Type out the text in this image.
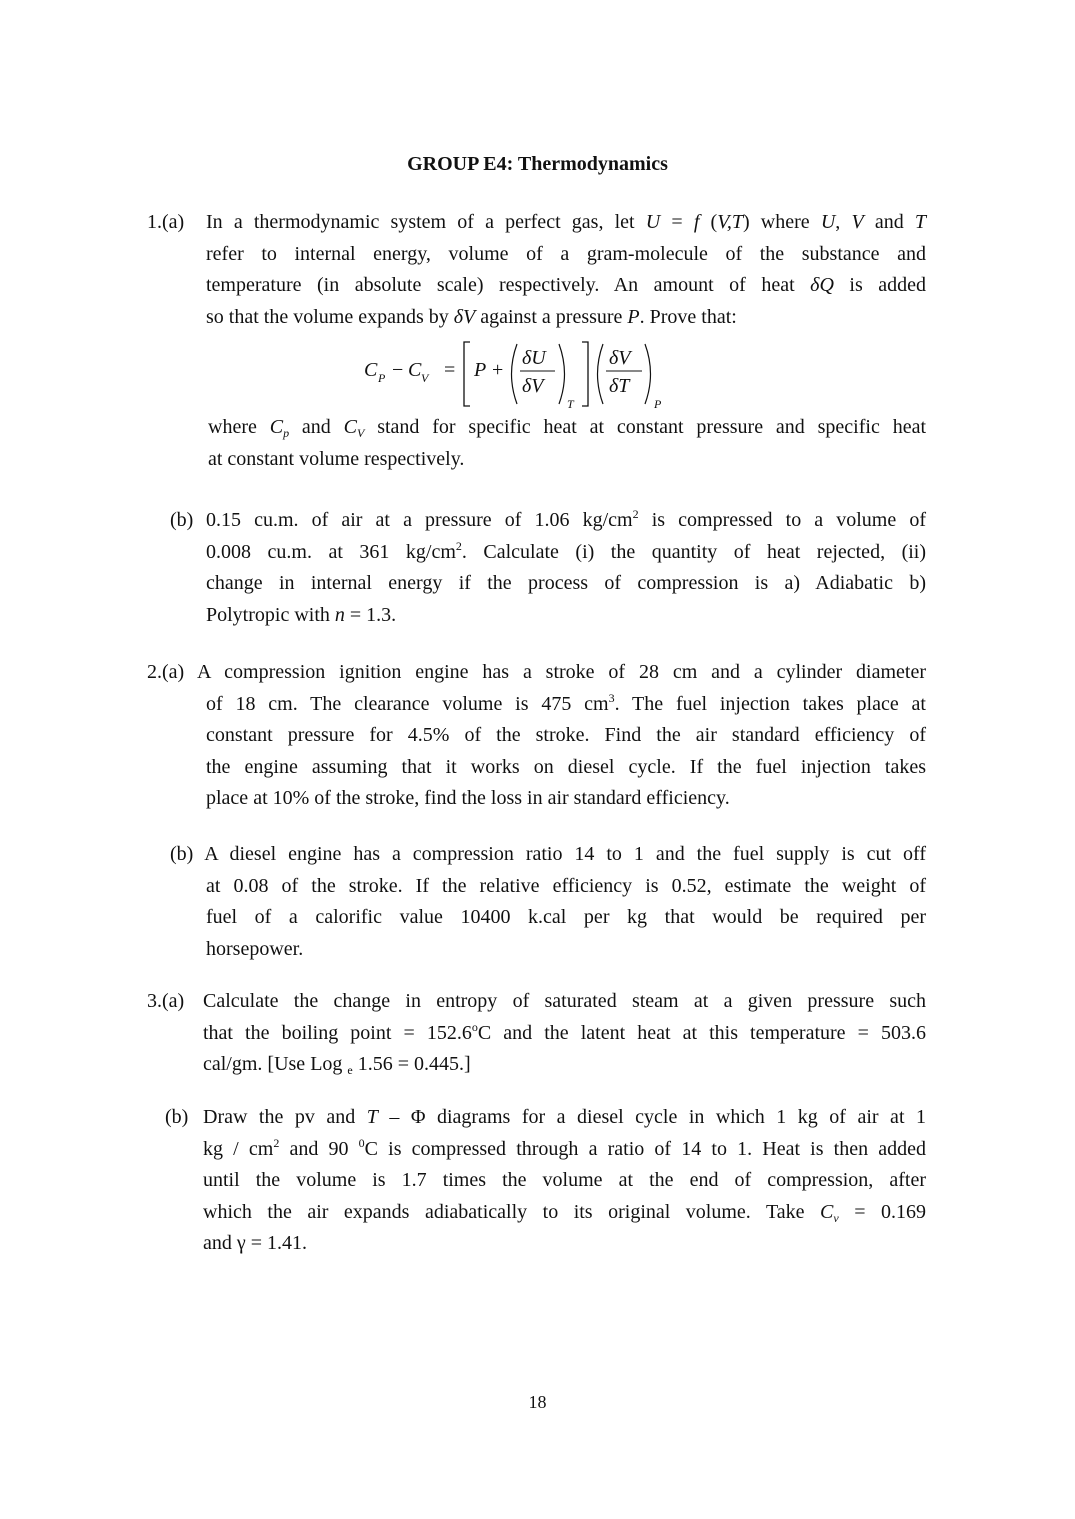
GROUP E4: Thermodynamics
1.(a) In a thermodynamic system of a perfect gas, let U = f (V,T) where U, V and T
refer to internal energy, volume of a gram-molecule of the substance and
temperature (in absolute scale) respectively. An amount of heat δQ is added
so that the volume expands by δV against a pressure P. Prove that:
C P − C V = P +
δU
δV
T
δV
δT
P
where $C_p$ and $C_V$ stand for specific heat at constant pressure and specific heat
at constant volume respectively.
(b) 0.15 cu.m. of air at a pressure of 1.06 $kg/cm^2$ is compressed to a volume of
0.008 cu.m. at 361 $kg/cm^2$. Calculate (i) the quantity of heat rejected, (ii)
change in internal energy if the process of compression is a) Adiabatic b)
Polytropic with n = 1.3.
2.(a) A compression ignition engine has a stroke of 28 cm and a cylinder diameter
of 18 cm. The clearance volume is 475 $cm^3$. The fuel injection takes place at
constant pressure for 4.5% of the stroke. Find the air standard efficiency of
the engine assuming that it works on diesel cycle. If the fuel injection takes
place at 10% of the stroke, find the loss in air standard efficiency.
(b) A diesel engine has a compression ratio 14 to 1 and the fuel supply is cut off
at 0.08 of the stroke. If the relative efficiency is 0.52, estimate the weight of
fuel of a calorific value 10400 k.cal per kg that would be required per
horsepower.
3.(a) Calculate the change in entropy of saturated steam at a given pressure such
that the boiling point = $152.6^oC$ and the latent heat at this temperature = 503.6
cal/gm. [Use Log $_e$ 1.56 = 0.445.]
(b) Draw the pv and T – Φ diagrams for a diesel cycle in which 1 kg of air at 1
kg / $cm^2$ and 90 $^0$C is compressed through a ratio of 14 to 1. Heat is then added
until the volume is 1.7 times the volume at the end of compression, after
which the air expands adiabatically to its original volume. Take $C_v = 0.169$
and γ = 1.41.
18
